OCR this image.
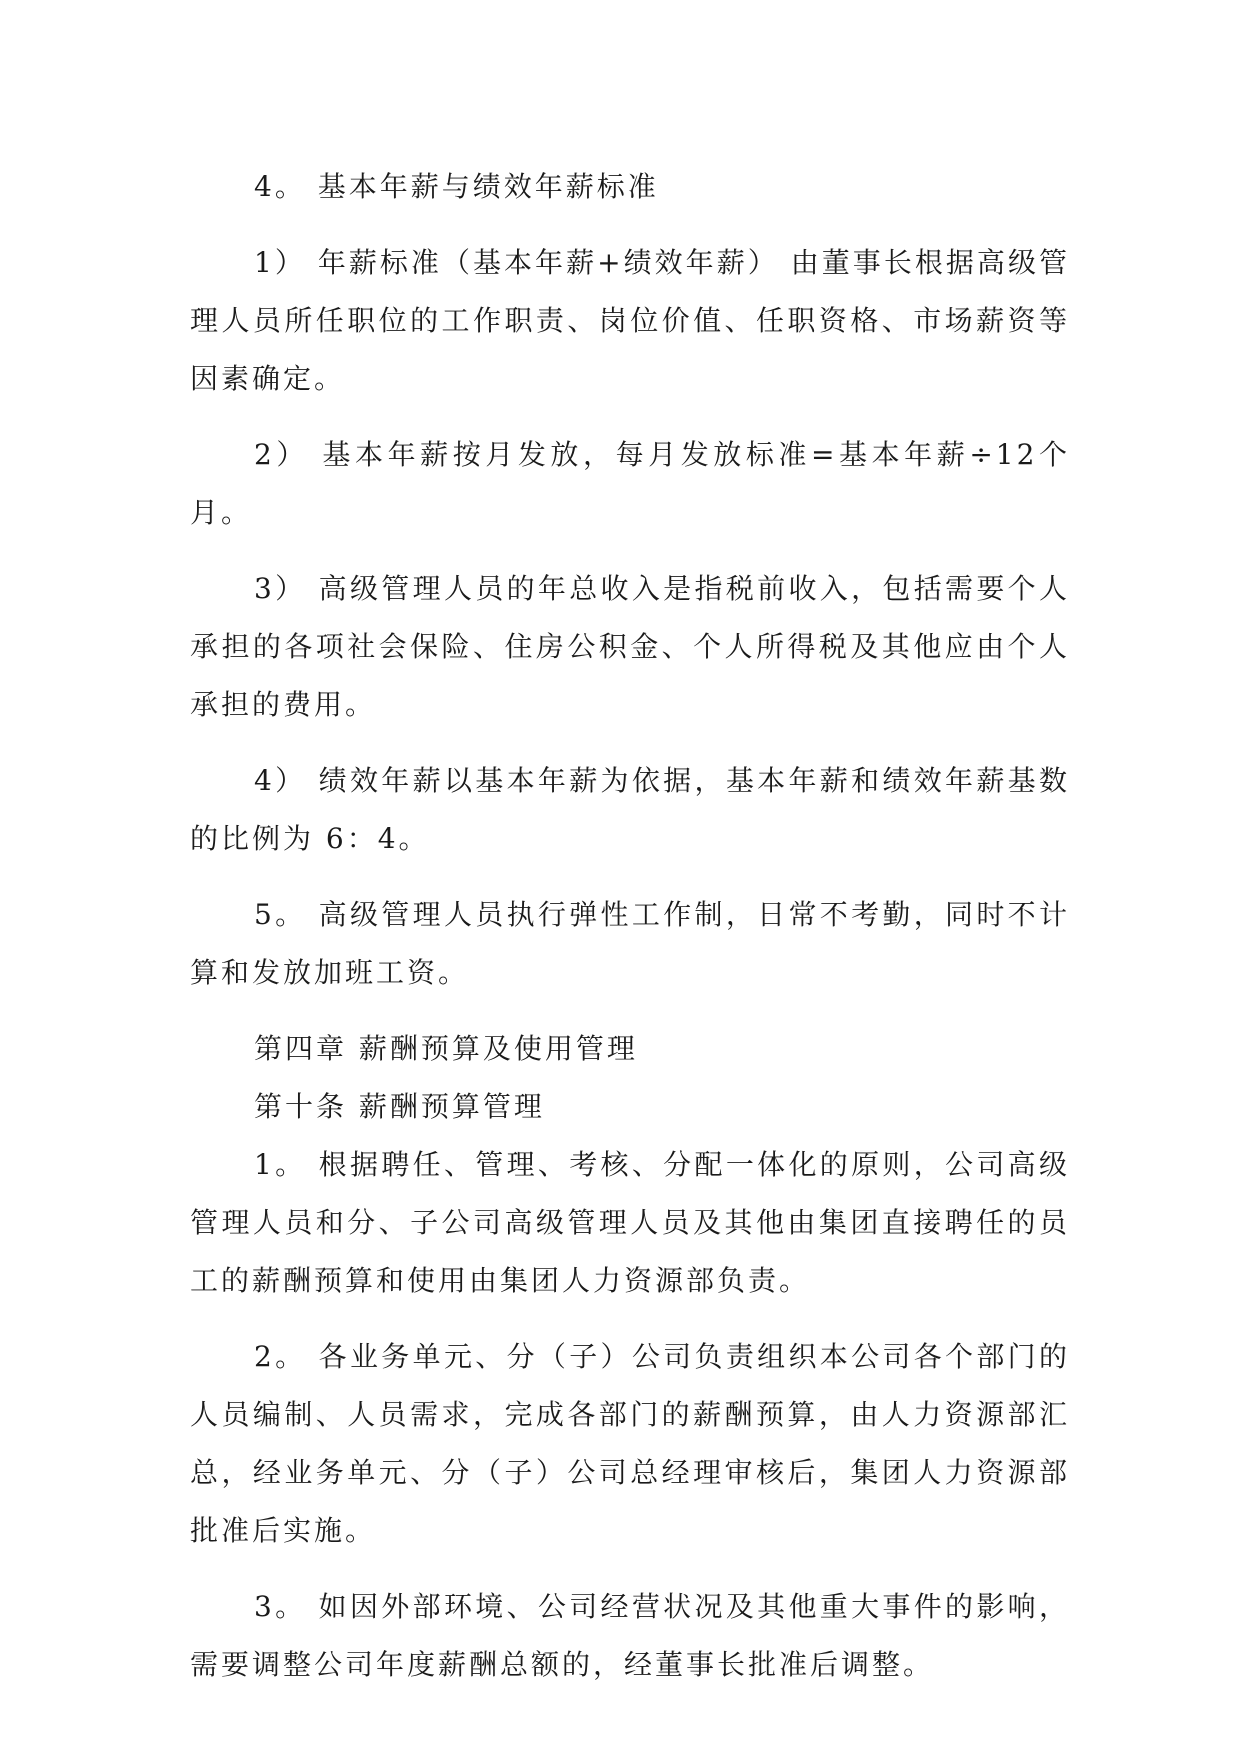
4。 基本年薪与绩效年薪标准

1） 年薪标准（基本年薪+绩效年薪） 由董事长根据高级管理人员所任职位的工作职责、岗位价值、任职资格、市场薪资等因素确定。

2） 基本年薪按月发放，每月发放标准=基本年薪÷12个月。

3） 高级管理人员的年总收入是指税前收入，包括需要个人承担的各项社会保险、住房公积金、个人所得税及其他应由个人承担的费用。

4） 绩效年薪以基本年薪为依据，基本年薪和绩效年薪基数的比例为 6：4。

5。 高级管理人员执行弹性工作制，日常不考勤，同时不计算和发放加班工资。

第四章 薪酬预算及使用管理

第十条 薪酬预算管理

1。 根据聘任、管理、考核、分配一体化的原则，公司高级管理人员和分、子公司高级管理人员及其他由集团直接聘任的员工的薪酬预算和使用由集团人力资源部负责。

2。 各业务单元、分（子）公司负责组织本公司各个部门的人员编制、人员需求，完成各部门的薪酬预算，由人力资源部汇总，经业务单元、分（子）公司总经理审核后，集团人力资源部批准后实施。

3。 如因外部环境、公司经营状况及其他重大事件的影响，需要调整公司年度薪酬总额的，经董事长批准后调整。
